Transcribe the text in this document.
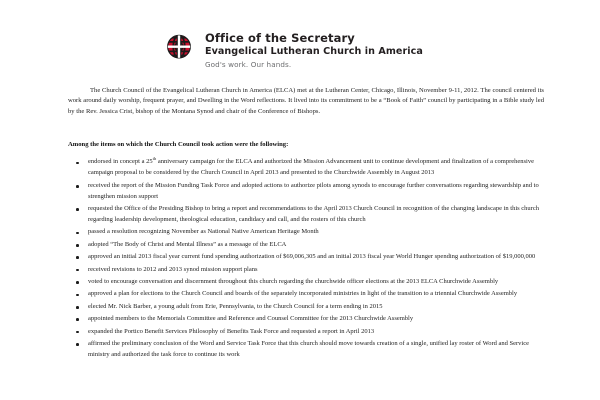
Office of the Secretary
Evangelical Lutheran Church in America
God's work. Our hands.

The Church Council of the Evangelical Lutheran Church in America (ELCA) met at the Lutheran Center, Chicago, Illinois, November 9-11, 2012. The council centered its work around daily worship, frequent prayer, and Dwelling in the Word reflections. It lived into its commitment to be a “Book of Faith” council by participating in a Bible study led by the Rev. Jessica Crist, bishop of the Montana Synod and chair of the Conference of Bishops.

Among the items on which the Church Council took action were the following:
endorsed in concept a 25th anniversary campaign for the ELCA and authorized the Mission Advancement unit to continue development and finalization of a comprehensive campaign proposal to be considered by the Church Council in April 2013 and presented to the Churchwide Assembly in August 2013
received the report of the Mission Funding Task Force and adopted actions to authorize pilots among synods to encourage further conversations regarding stewardship and to strengthen mission support
requested the Office of the Presiding Bishop to bring a report and recommendations to the April 2013 Church Council in recognition of the changing landscape in this church regarding leadership development, theological education, candidacy and call, and the rosters of this church
passed a resolution recognizing November as National Native American Heritage Month
adopted “The Body of Christ and Mental Illness” as a message of the ELCA
approved an initial 2013 fiscal year current fund spending authorization of $69,006,305 and an initial 2013 fiscal year World Hunger spending authorization of $19,000,000
received revisions to 2012 and 2013 synod mission support plans
voted to encourage conversation and discernment throughout this church regarding the churchwide officer elections at the 2013 ELCA Churchwide Assembly
approved a plan for elections to the Church Council and boards of the separately incorporated ministries in light of the transition to a triennial Churchwide Assembly
elected Mr. Nick Barber, a young adult from Erie, Pennsylvania, to the Church Council for a term ending in 2015
appointed members to the Memorials Committee and Reference and Counsel Committee for the 2013 Churchwide Assembly
expanded the Portico Benefit Services Philosophy of Benefits Task Force and requested a report in April 2013
affirmed the preliminary conclusion of the Word and Service Task Force that this church should move towards creation of a single, unified lay roster of Word and Service ministry and authorized the task force to continue its work
